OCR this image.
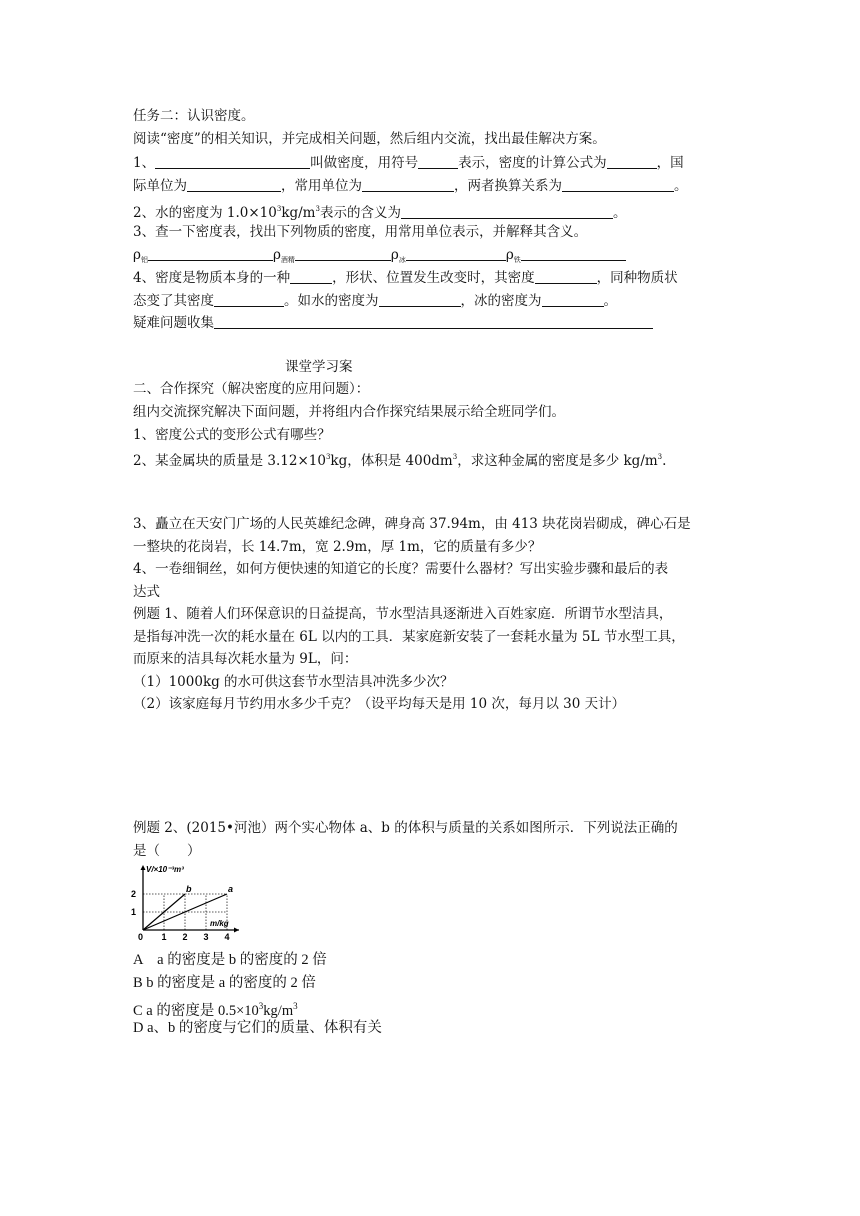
任务二：认识密度。
阅读“密度”的相关知识，并完成相关问题，然后组内交流，找出最佳解决方案。
1、	叫做密度，用符号	表示，密度的计算公式为	，国
际单位为	，常用单位为	，两者换算关系为	。
2、水的密度为 $1.0\times 10^3kg/m^3$表示的含义为	。
3、查一下密度表，找出下列物质的密度，用常用单位表示，并解释其含义。
$\rho_铝$	$\rho_{酒精}$	$\rho_冰$	$\rho_铁$
4、密度是物质本身的一种	，形状、位置发生改变时，其密度	，同种物质状
态变了其密度	。如水的密度为	，冰的密度为	。
疑难问题收集
课堂学习案
二、合作探究（解决密度的应用问题）：
组内交流探究解决下面问题，并将组内合作探究结果展示给全班同学们。
1、密度公式的变形公式有哪些？
2、某金属块的质量是 $3.12\times 10^3kg$，体积是 $400dm^3$，求这种金属的密度是多少 $kg/m^3$.
3、矗立在天安门广场的人民英雄纪念碑，碑身高 37.94m，由 413 块花岗岩砌成，碑心石是
一整块的花岗岩，长 14.7m，宽 2.9m，厚 1m，它的质量有多少？
4、一卷细铜丝，如何方便快速的知道它的长度？需要什么器材？写出实验步骤和最后的表
达式
例题 1、随着人们环保意识的日益提高，节水型洁具逐渐进入百姓家庭．所谓节水型洁具，
是指每冲洗一次的耗水量在 6L 以内的工具．某家庭新安装了一套耗水量为 5L 节水型工具，
而原来的洁具每次耗水量为 9L，问：
（1）1000kg 的水可供这套节水型洁具冲洗多少次？
（2）该家庭每月节约用水多少千克？（设平均每天是用 10 次，每月以 30 天计）
例题 2、(2015•河池）两个实心物体 a、b 的体积与质量的关系如图所示．下列说法正确的
是（　　）
a
b
0 1 2 3 4
1
2
V/×10⁻³m³
m/kg
A　a 的密度是 b 的密度的 2 倍
B b 的密度是 a 的密度的 2 倍
C a 的密度是 $0.5\times 10^3kg/m^3$
D a、b 的密度与它们的质量、体积有关
